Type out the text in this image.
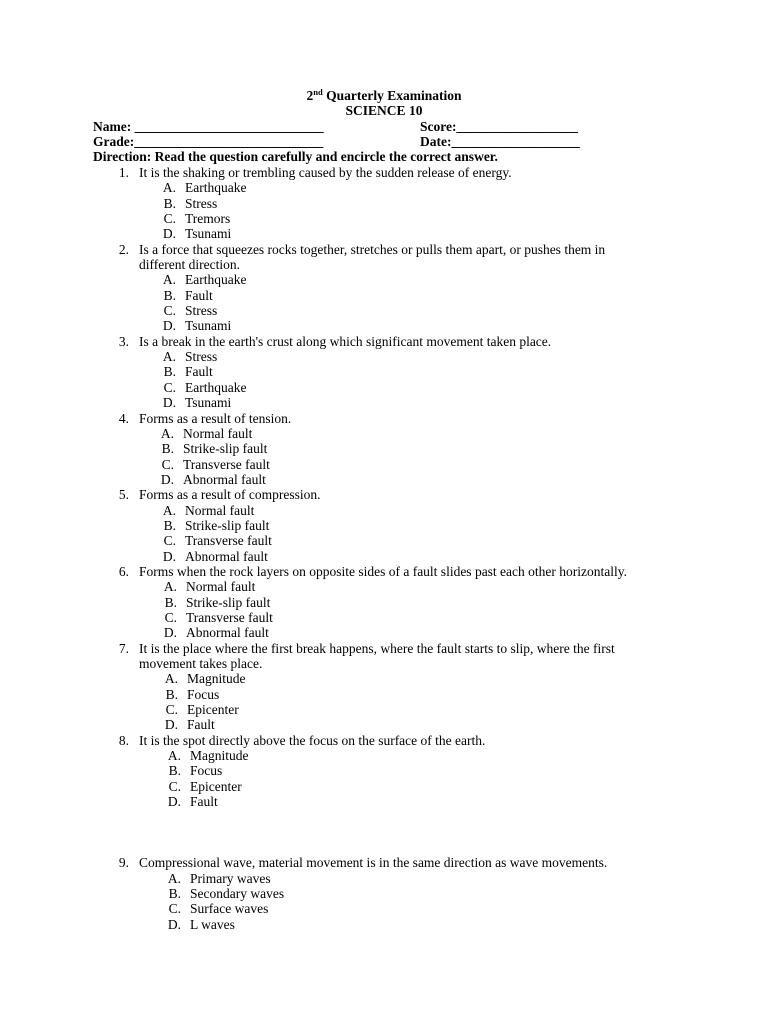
2nd Quarterly Examination
SCIENCE 10
Name: ____________________________	Score:__________________
Grade:____________________________	Date:___________________
Direction: Read the question carefully and encircle the correct answer.
1. It is the shaking or trembling caused by the sudden release of energy.
A. Earthquake
B. Stress
C. Tremors
D. Tsunami
2. Is a force that squeezes rocks together, stretches or pulls them apart, or pushes them in different direction.
A. Earthquake
B. Fault
C. Stress
D. Tsunami
3. Is a break in the earth's crust along which significant movement taken place.
A. Stress
B. Fault
C. Earthquake
D. Tsunami
4. Forms as a result of tension.
A. Normal fault
B. Strike-slip fault
C. Transverse fault
D. Abnormal fault
5. Forms as a result of compression.
A. Normal fault
B. Strike-slip fault
C. Transverse fault
D. Abnormal fault
6. Forms when the rock layers on opposite sides of a fault slides past each other horizontally.
A. Normal fault
B. Strike-slip fault
C. Transverse fault
D. Abnormal fault
7. It is the place where the first break happens, where the fault starts to slip, where the first movement takes place.
A. Magnitude
B. Focus
C. Epicenter
D. Fault
8. It is the spot directly above the focus on the surface of the earth.
A. Magnitude
B. Focus
C. Epicenter
D. Fault
9. Compressional wave, material movement is in the same direction as wave movements.
A. Primary waves
B. Secondary waves
C. Surface waves
D. L waves
